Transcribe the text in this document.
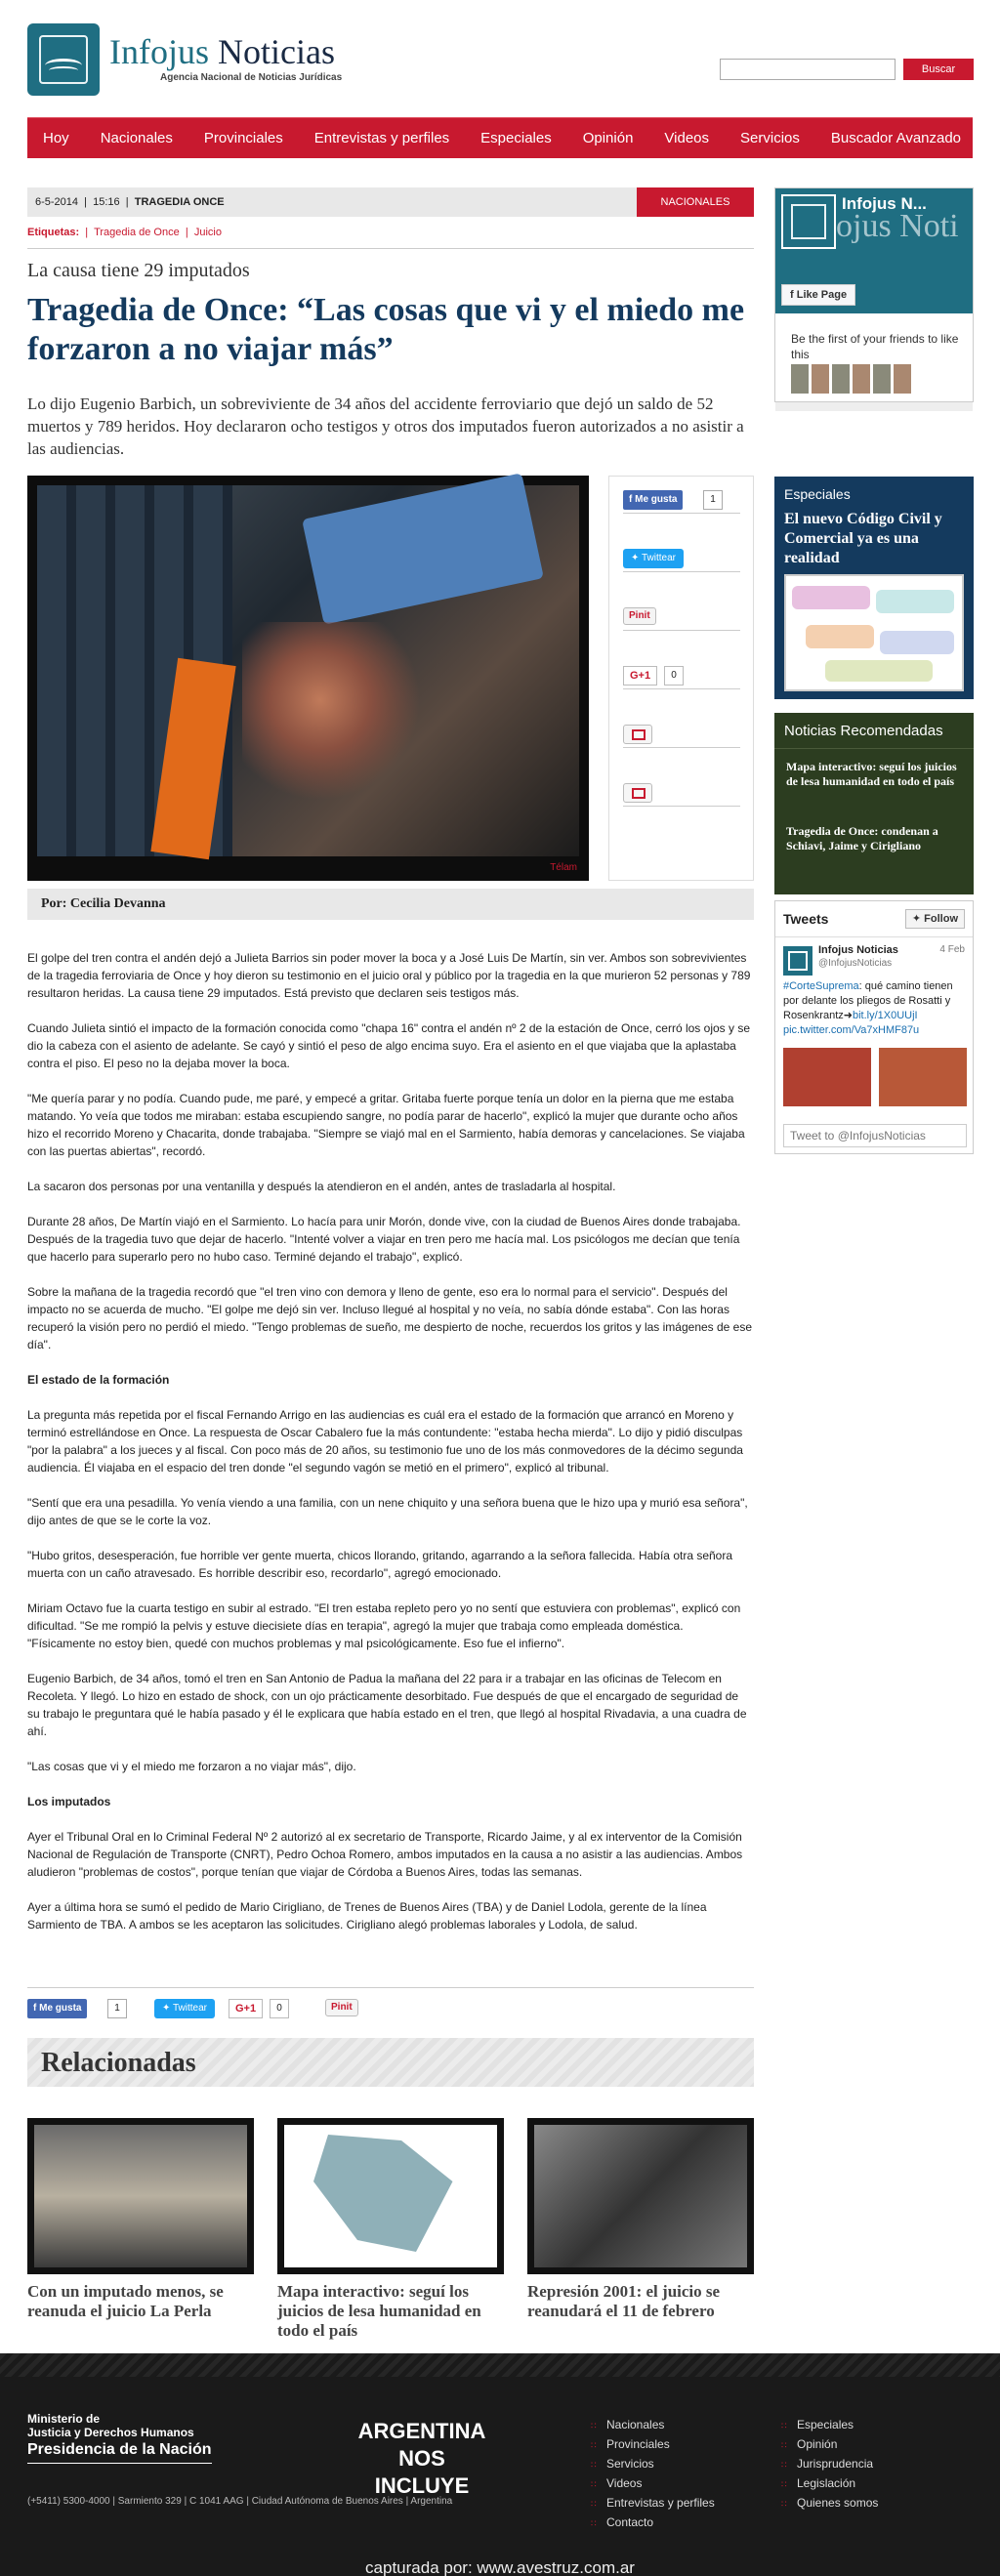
Infojus Noticias
Agencia Nacional de Noticias Jurídicas
Buscar
Hoy	Nacionales	Provinciales	Entrevistas y perfiles	Especiales	Opinión	Videos	Servicios	Buscador Avanzado
6-5-2014  |  15:16  |  TRAGEDIA ONCE	NACIONALES
Etiquetas:  |  Tragedia de Once  |  Juicio
La causa tiene 29 imputados
Tragedia de Once: “Las cosas que vi y el miedo me forzaron a no viajar más”
Lo dijo Eugenio Barbich, un sobreviviente de 34 años del accidente ferroviario que dejó un saldo de 52 muertos y 789 heridos. Hoy declararon ocho testigos y otros dos imputados fueron autorizados a no asistir a las audiencias.
Télam
f Me gusta	1
✦ Twittear
Pinit
G+1	0
Por: Cecilia Devanna

El golpe del tren contra el andén dejó a Julieta Barrios sin poder mover la boca y a José Luis De Martín, sin ver. Ambos son sobrevivientes de la tragedia ferroviaria de Once y hoy dieron su testimonio en el juicio oral y público por la tragedia en la que murieron 52 personas y 789 resultaron heridas. La causa tiene 29 imputados. Está previsto que declaren seis testigos más.

Cuando Julieta sintió el impacto de la formación conocida como "chapa 16" contra el andén nº 2 de la estación de Once, cerró los ojos y se dio la cabeza con el asiento de adelante. Se cayó y sintió el peso de algo encima suyo. Era el asiento en el que viajaba que la aplastaba contra el piso. El peso no la dejaba mover la boca.

"Me quería parar y no podía. Cuando pude, me paré, y empecé a gritar. Gritaba fuerte porque tenía un dolor en la pierna que me estaba matando. Yo veía que todos me miraban: estaba escupiendo sangre, no podía parar de hacerlo", explicó la mujer que durante ocho años hizo el recorrido Moreno y Chacarita, donde trabajaba. "Siempre se viajó mal en el Sarmiento, había demoras y cancelaciones. Se viajaba con las puertas abiertas", recordó.

La sacaron dos personas por una ventanilla y después la atendieron en el andén, antes de trasladarla al hospital.

Durante 28 años, De Martín viajó en el Sarmiento. Lo hacía para unir Morón, donde vive, con la ciudad de Buenos Aires donde trabajaba. Después de la tragedia tuvo que dejar de hacerlo. "Intenté volver a viajar en tren pero me hacía mal. Los psicólogos me decían que tenía que hacerlo para superarlo pero no hubo caso. Terminé dejando el trabajo", explicó.

Sobre la mañana de la tragedia recordó que "el tren vino con demora y lleno de gente, eso era lo normal para el servicio". Después del impacto no se acuerda de mucho. "El golpe me dejó sin ver. Incluso llegué al hospital y no veía, no sabía dónde estaba". Con las horas recuperó la visión pero no perdió el miedo. "Tengo problemas de sueño, me despierto de noche, recuerdos los gritos y las imágenes de ese día".

El estado de la formación

La pregunta más repetida por el fiscal Fernando Arrigo en las audiencias es cuál era el estado de la formación que arrancó en Moreno y terminó estrellándose en Once. La respuesta de Oscar Cabalero fue la más contundente: "estaba hecha mierda". Lo dijo y pidió disculpas "por la palabra" a los jueces y al fiscal. Con poco más de 20 años, su testimonio fue uno de los más conmovedores de la décimo segunda audiencia. Él viajaba en el espacio del tren donde "el segundo vagón se metió en el primero", explicó al tribunal.

"Sentí que era una pesadilla. Yo venía viendo a una familia, con un nene chiquito y una señora buena que le hizo upa y murió esa señora", dijo antes de que se le corte la voz.

"Hubo gritos, desesperación, fue horrible ver gente muerta, chicos llorando, gritando, agarrando a la señora fallecida. Había otra señora muerta con un caño atravesado. Es horrible describir eso, recordarlo", agregó emocionado.

Miriam Octavo fue la cuarta testigo en subir al estrado. "El tren estaba repleto pero yo no sentí que estuviera con problemas", explicó con dificultad. "Se me rompió la pelvis y estuve diecisiete días en terapia", agregó la mujer que trabaja como empleada doméstica. "Físicamente no estoy bien, quedé con muchos problemas y mal psicológicamente. Eso fue el infierno".

Eugenio Barbich, de 34 años, tomó el tren en San Antonio de Padua la mañana del 22 para ir a trabajar en las oficinas de Telecom en Recoleta. Y llegó. Lo hizo en estado de shock, con un ojo prácticamente desorbitado. Fue después de que el encargado de seguridad de su trabajo le preguntara qué le había pasado y él le explicara que había estado en el tren, que llegó al hospital Rivadavia, a una cuadra de ahí.

"Las cosas que vi y el miedo me forzaron a no viajar más", dijo.

Los imputados

Ayer el Tribunal Oral en lo Criminal Federal Nº 2 autorizó al ex secretario de Transporte, Ricardo Jaime, y al ex interventor de la Comisión Nacional de Regulación de Transporte (CNRT), Pedro Ochoa Romero, ambos imputados en la causa a no asistir a las audiencias. Ambos aludieron "problemas de costos", porque tenían que viajar de Córdoba a Buenos Aires, todas las semanas.

Ayer a última hora se sumó el pedido de Mario Cirigliano, de Trenes de Buenos Aires (TBA) y de Daniel Lodola, gerente de la línea Sarmiento de TBA. A ambos se les aceptaron las solicitudes. Cirigliano alegó problemas laborales y Lodola, de salud.

f Me gusta	1	✦ Twittear	G+1	0	Pinit
Relacionadas
Con un imputado menos, se reanuda el juicio La Perla
Mapa interactivo: seguí los juicios de lesa humanidad en todo el país
Represión 2001: el juicio se reanudará el 11 de febrero
ojus Noti
Infojus N...
f Like Page
Be the first of your friends to like this
Especiales
El nuevo Código Civil y Comercial ya es una realidad
Noticias Recomendadas
Mapa interactivo: seguí los juicios de lesa humanidad en todo el país
Tragedia de Once: condenan a Schiavi, Jaime y Cirigliano
Tweets	✦ Follow
Infojus Noticias
@InfojusNoticias
4 Feb
#CorteSuprema: qué camino tienen por delante los pliegos de Rosatti y Rosenkrantz➜bit.ly/1X0UUjI
pic.twitter.com/Va7xHMF87u
Tweet to @InfojusNoticias
Ministerio de
Justicia y Derechos Humanos
Presidencia de la Nación
(+5411) 5300-4000 | Sarmiento 329 | C 1041 AAG | Ciudad Autónoma de Buenos Aires | Argentina
ARGENTINA
NOS INCLUYE
∷ Nacionales
∷ Provinciales
∷ Servicios
∷ Videos
∷ Entrevistas y perfiles
∷ Contacto
∷ Especiales
∷ Opinión
∷ Jurisprudencia
∷ Legislación
∷ Quienes somos
capturada por: www.avestruz.com.ar
